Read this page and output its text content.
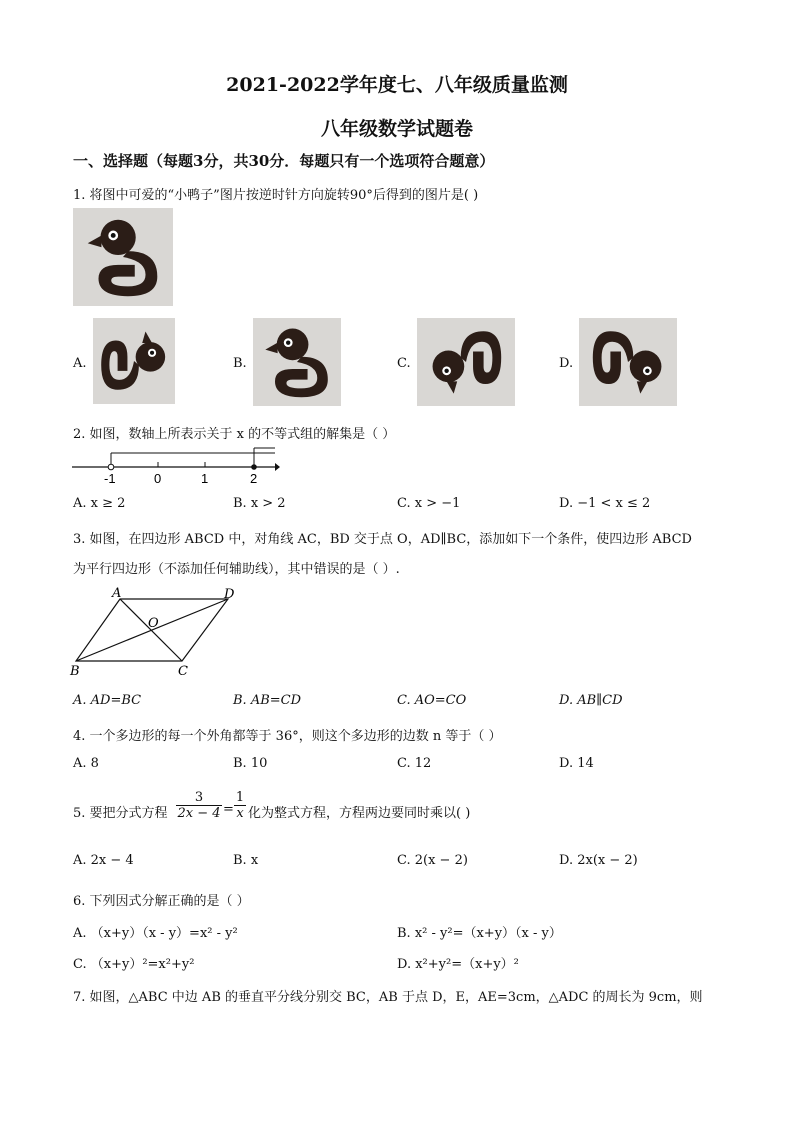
2021-2022学年度七、八年级质量监测
八年级数学试题卷
一、选择题（每题3分，共30分．每题只有一个选项符合题意）
1. 将图中可爱的“小鸭子”图片按逆时针方向旋转90°后得到的图片是( )
A.	B.	C.	D.
2. 如图，数轴上所表示关于 x 的不等式组的解集是（ ）
-1	0	1	2
A. x ≥ 2	B. x > 2	C. x > −1	D. −1 < x ≤ 2
3. 如图，在四边形 ABCD 中，对角线 AC，BD 交于点 O，AD∥BC，添加如下一个条件，使四边形 ABCD
为平行四边形（不添加任何辅助线），其中错误的是（ ）.
A	D
O
B	C
A. AD=BC	B. AB=CD	C. AO=CO	D. AB∥CD
4. 一个多边形的每一个外角都等于 36°，则这个多边形的边数 n 等于（ ）
A. 8	B. 10	C. 12	D. 14
5. 要把分式方程 $\frac{3}{2x - 4} = \frac{1}{x}$ 化为整式方程，方程两边要同时乘以( )
A. 2x − 4	B. x	C. 2(x − 2)	D. 2x(x − 2)
6. 下列因式分解正确的是（ ）
A. （x+y）（x - y）=x² - y²	B. x² - y²=（x+y）（x - y）
C. （x+y）²=x²+y²	D. x²+y²=（x+y）²
7. 如图，△ABC 中边 AB 的垂直平分线分别交 BC，AB 于点 D，E，AE=3cm，△ADC 的周长为 9cm，则
